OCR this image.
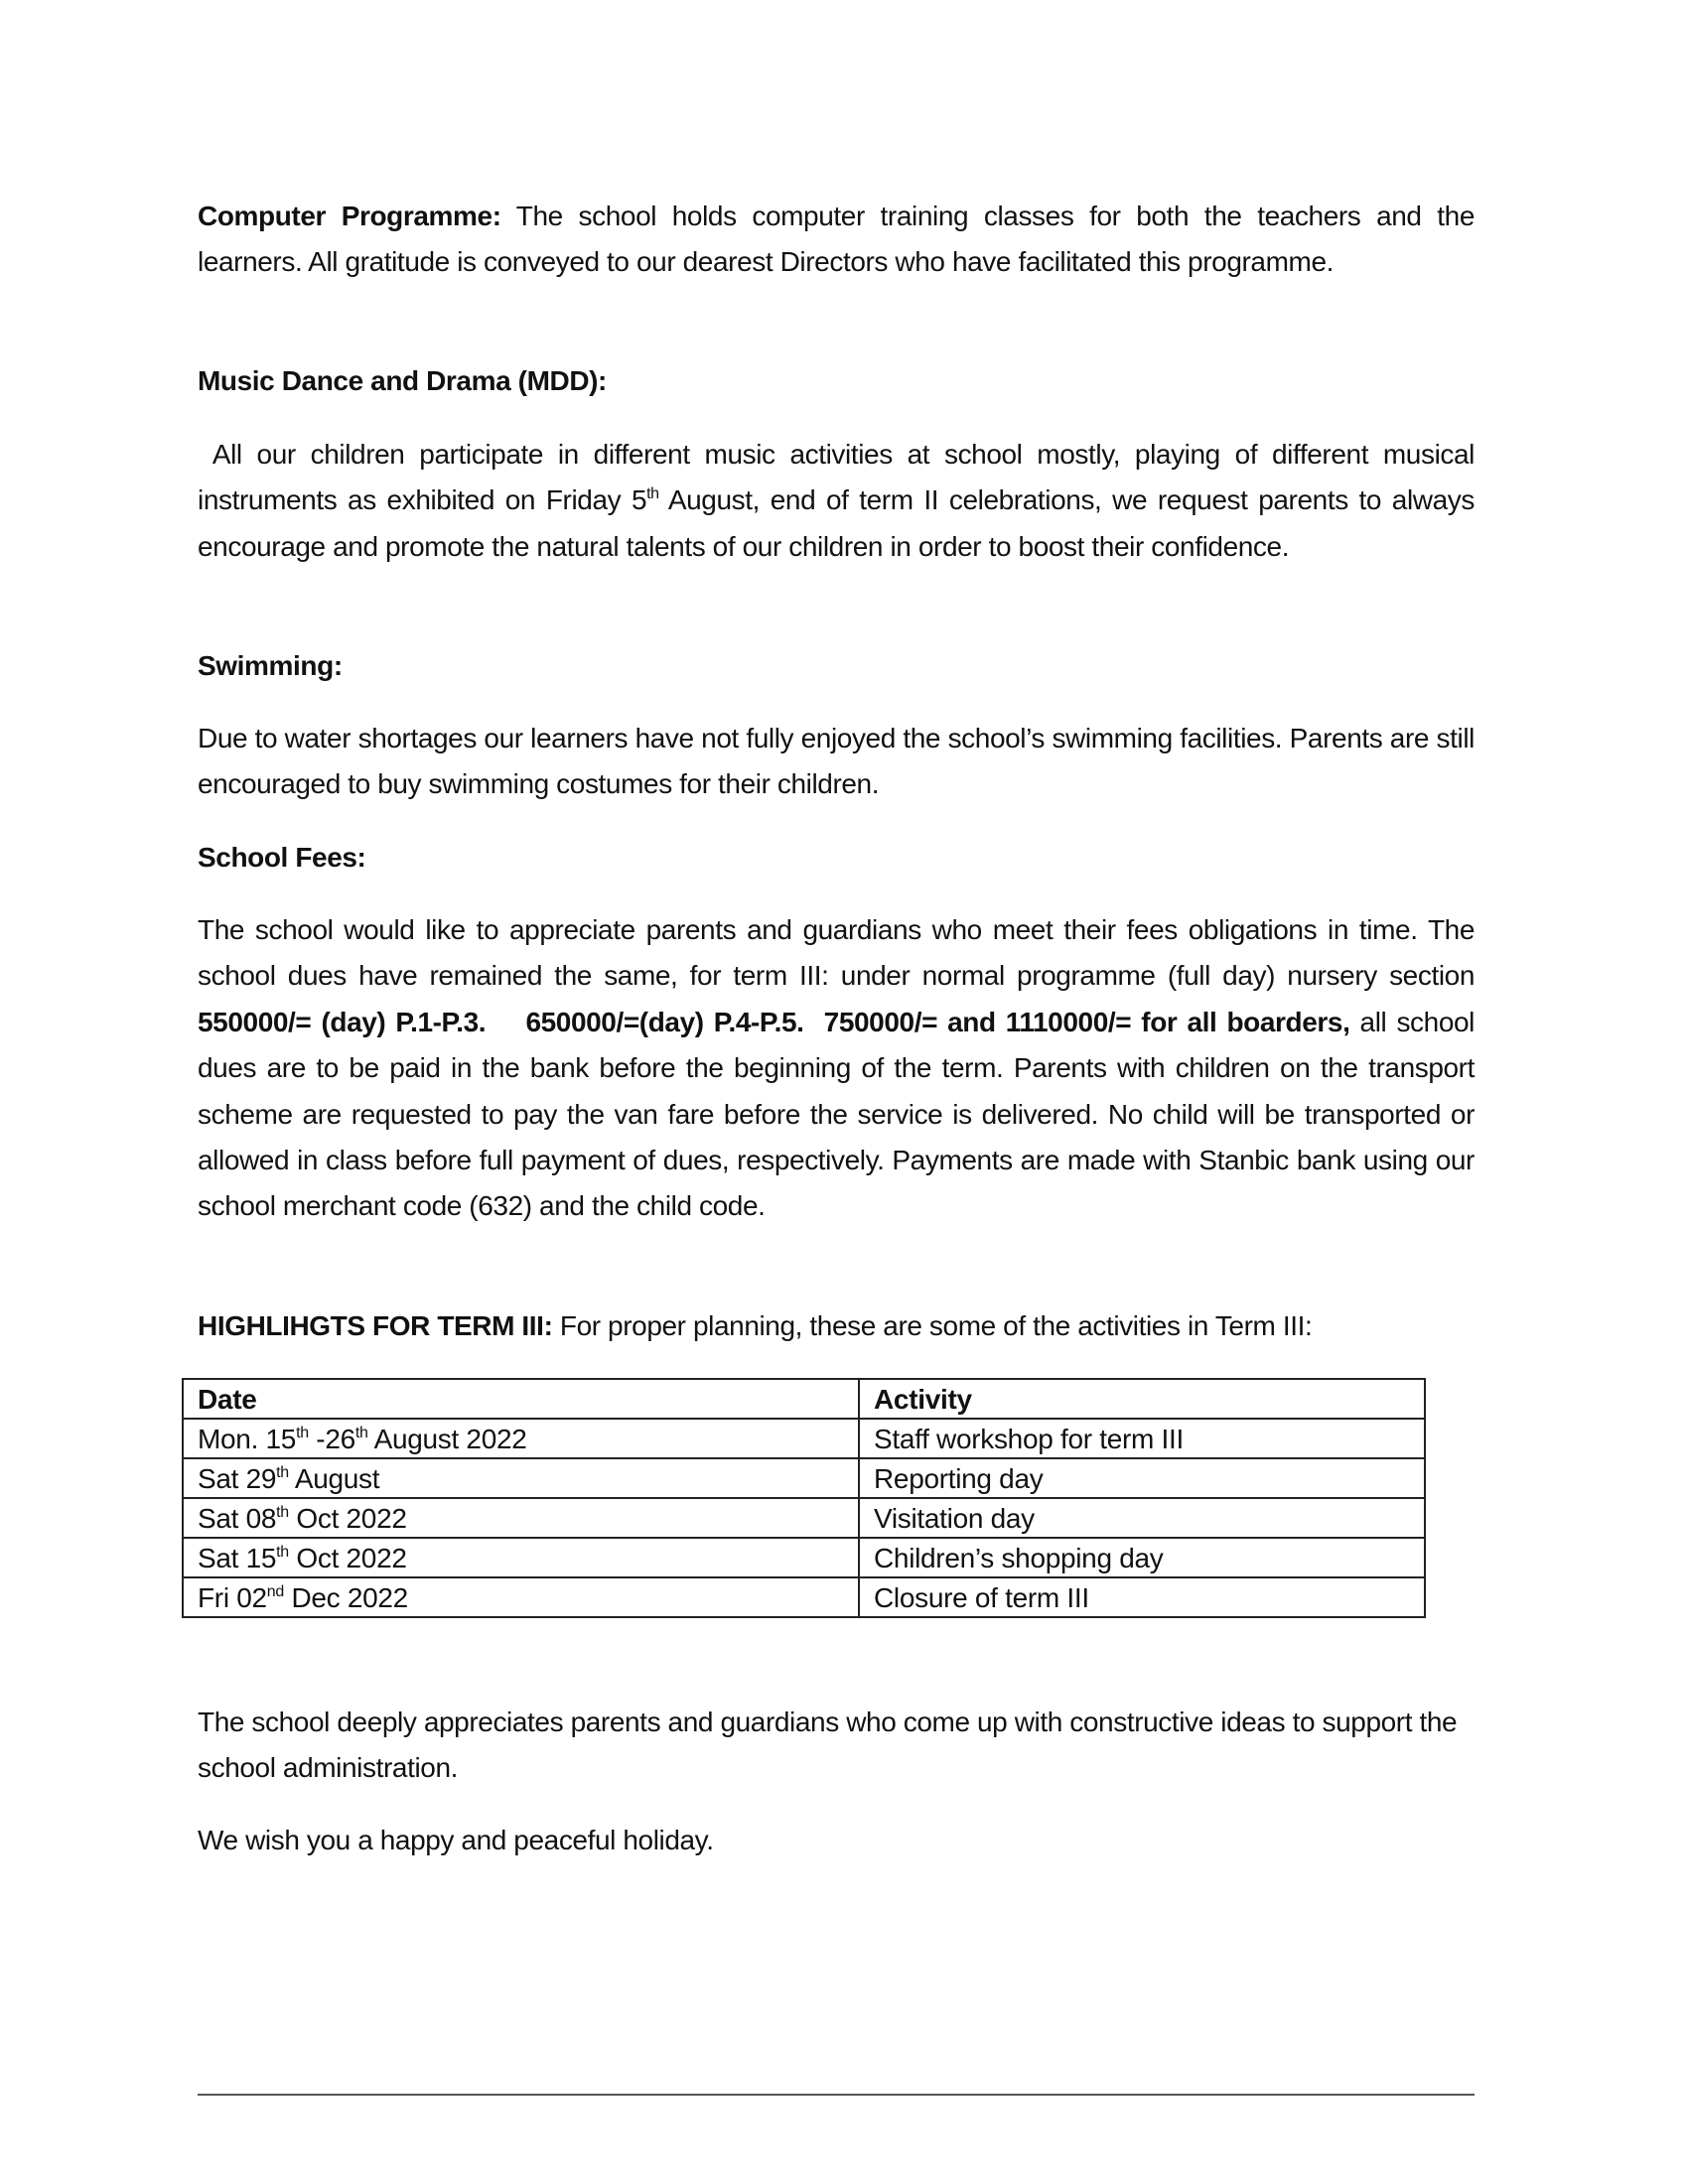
Computer Programme: The school holds computer training classes for both the teachers and the learners. All gratitude is conveyed to our dearest Directors who have facilitated this programme.

Music Dance and Drama (MDD):

All our children participate in different music activities at school mostly, playing of different musical instruments as exhibited on Friday 5th August, end of term II celebrations, we request parents to always encourage and promote the natural talents of our children in order to boost their confidence.

Swimming:

Due to water shortages our learners have not fully enjoyed the school’s swimming facilities. Parents are still encouraged to buy swimming costumes for their children.

School Fees:

The school would like to appreciate parents and guardians who meet their fees obligations in time. The school dues have remained the same, for term III: under normal programme (full day) nursery section 550000/= (day) P.1-P.3.    650000/=(day) P.4-P.5.  750000/= and 1110000/= for all boarders, all school dues are to be paid in the bank before the beginning of the term. Parents with children on the transport scheme are requested to pay the van fare before the service is delivered. No child will be transported or allowed in class before full payment of dues, respectively. Payments are made with Stanbic bank using our school merchant code (632) and the child code.

HIGHLIHGTS FOR TERM III: For proper planning, these are some of the activities in Term III:

Date	Activity
Mon. 15th -26th August 2022	Staff workshop for term III
Sat 29th August	Reporting day
Sat 08th Oct 2022	Visitation day
Sat 15th Oct 2022	Children’s shopping day
Fri 02nd Dec 2022	Closure of term III

The school deeply appreciates parents and guardians who come up with constructive ideas to support the school administration.

We wish you a happy and peaceful holiday.
